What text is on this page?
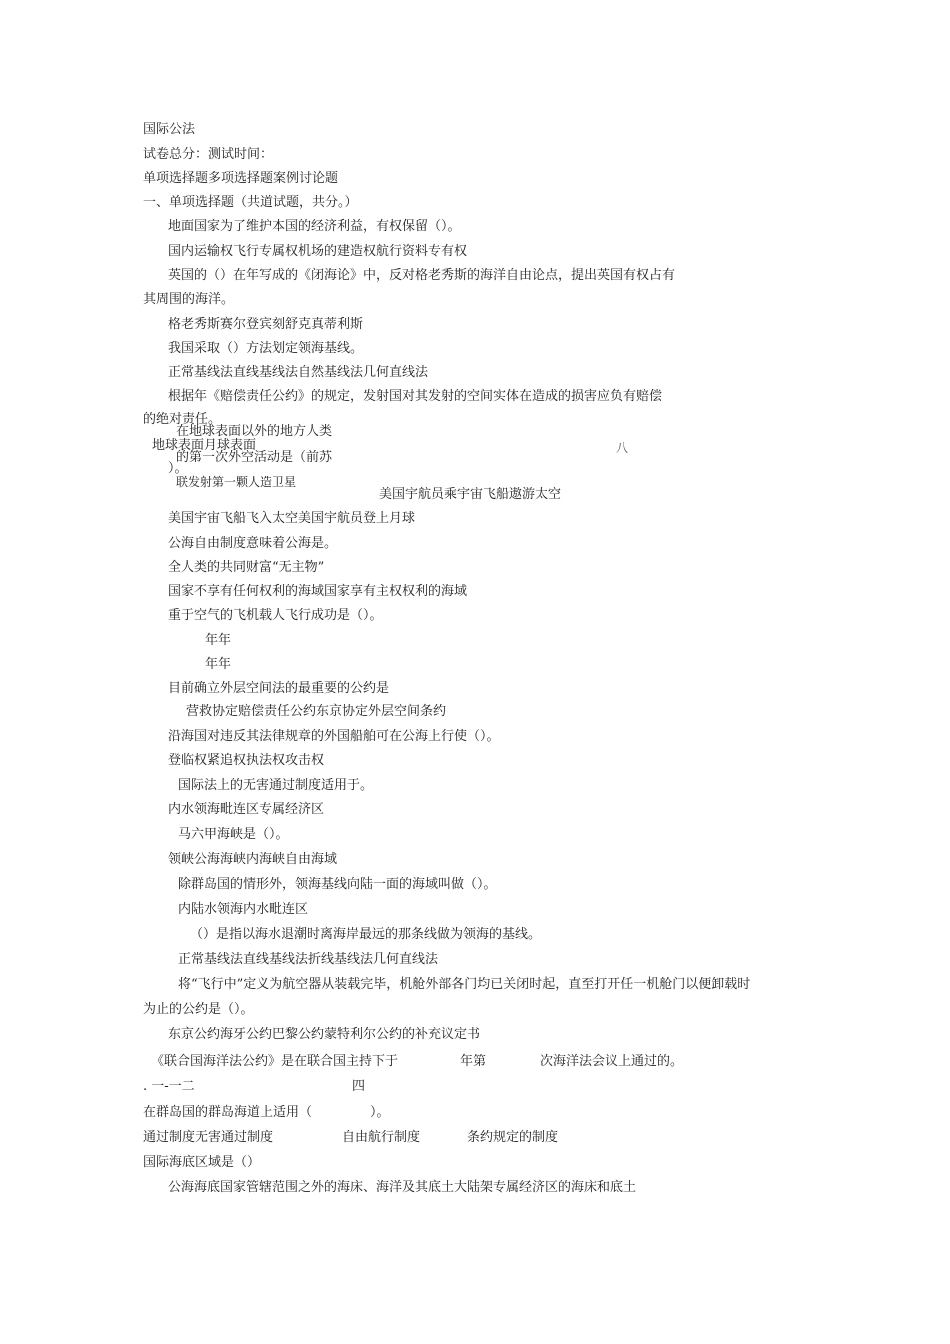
国际公法
试卷总分：测试时间：
单项选择题多项选择题案例讨论题
一、单项选择题（共道试题，共分。）
地面国家为了维护本国的经济利益，有权保留（）。
国内运输权飞行专属权机场的建造权航行资料专有权
英国的（）在年写成的《闭海论》中，反对格老秀斯的海洋自由论点，提出英国有权占有
其周围的海洋。
格老秀斯赛尔登宾刻舒克真蒂利斯
我国采取（）方法划定领海基线。
正常基线法直线基线法自然基线法几何直线法
根据年《赔偿责任公约》的规定，发射国对其发射的空间实体在造成的损害应负有赔偿
的绝对责任。
在地球表面以外的地方人类
地球表面月球表面
的第一次外空活动是（前苏
）。
联发射第一颗人造卫星
八
美国宇航员乘宇宙飞船遨游太空
美国宇宙飞船飞入太空美国宇航员登上月球
公海自由制度意味着公海是。
全人类的共同财富“无主物”
国家不享有任何权利的海域国家享有主权权利的海域
重于空气的飞机载人飞行成功是（）。
年年
年年
目前确立外层空间法的最重要的公约是
营救协定赔偿责任公约东京协定外层空间条约
沿海国对违反其法律规章的外国船舶可在公海上行使（）。
登临权紧追权执法权攻击权
国际法上的无害通过制度适用于。
内水领海毗连区专属经济区
马六甲海峡是（）。
领峡公海海峡内海峡自由海域
除群岛国的情形外，领海基线向陆一面的海域叫做（）。
内陆水领海内水毗连区
（）是指以海水退潮时离海岸最远的那条线做为领海的基线。
正常基线法直线基线法折线基线法几何直线法
将“飞行中”定义为航空器从装载完毕，机舱外部各门均已关闭时起，直至打开任一机舱门以便卸载时
为止的公约是（）。
东京公约海牙公约巴黎公约蒙特利尔公约的补充议定书
《联合国海洋法公约》是在联合国主持下于	年第	次海洋法会议上通过的。
. 一-一二	四
在群岛国的群岛海道上适用（	）。
通过制度无害通过制度	自由航行制度	条约规定的制度
国际海底区域是（）
公海海底国家管辖范围之外的海床、海洋及其底土大陆架专属经济区的海床和底土
